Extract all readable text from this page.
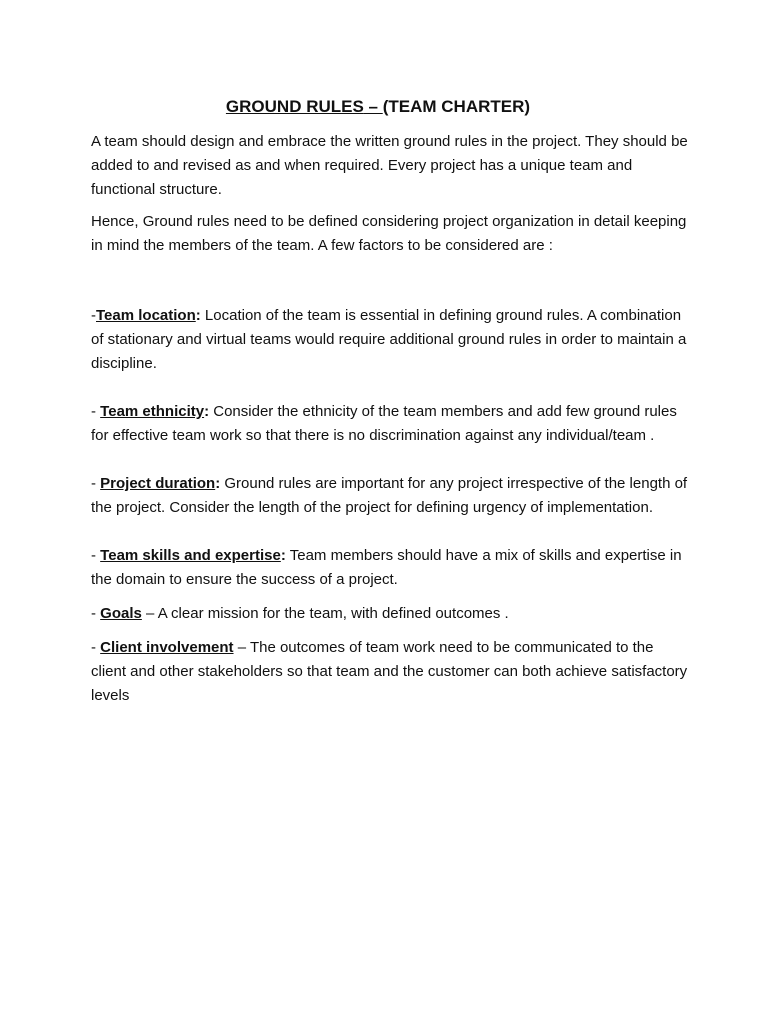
GROUND RULES – (TEAM CHARTER)

A team should design and embrace the written ground rules in the project. They should be added to and revised as and when required. Every project has a unique team and functional structure.

Hence, Ground rules need to be defined considering project organization in detail keeping in mind the members of the team. A few factors to be considered are :

-Team location: Location of the team is essential in defining ground rules. A combination of stationary and virtual teams would require additional ground rules in order to maintain a discipline.

- Team ethnicity: Consider the ethnicity of the team members and add few ground rules for effective team work so that there is no discrimination against any individual/team .

- Project duration: Ground rules are important for any project irrespective of the length of the project. Consider the length of the project for defining urgency of implementation.

- Team skills and expertise: Team members should have a mix of skills and expertise in the domain to ensure the success of a project.

- Goals – A clear mission for the team, with defined outcomes .

- Client involvement – The outcomes of team work need to be communicated to the client and other stakeholders so that team and the customer can both achieve satisfactory levels
